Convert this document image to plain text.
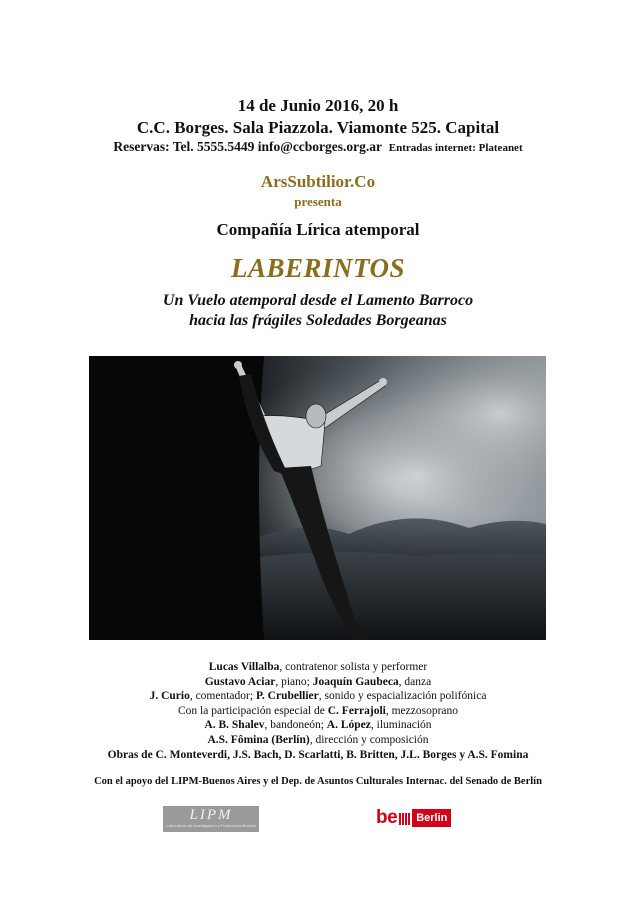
14 de Junio 2016, 20 h
C.C. Borges. Sala Piazzola. Viamonte 525. Capital
Reservas: Tel. 5555.5449 info@ccborges.org.ar Entradas internet: Plateanet
ArsSubtilior.Co
presenta
Compañía Lírica atemporal
LABERINTOS
Un Vuelo atemporal desde el Lamento Barroco
hacia las frágiles Soledades Borgeanas
Lucas Villalba, contratenor solista y performer
Gustavo Aciar, piano; Joaquín Gaubeca, danza
J. Curio, comentador; P. Crubellier, sonido y espacialización polifónica
Con la participación especial de C. Ferrajoli, mezzosoprano
A. B. Shalev, bandoneón; A. López, iluminación
A.S. Fômina (Berlín), dirección y composición
Obras de C. Monteverdi, J.S. Bach, D. Scarlatti, B. Britten, J.L. Borges y A.S. Fomina
Con el apoyo del LIPM-Buenos Aires y el Dep. de Asuntos Culturales Internac. del Senado de Berlín
LIPM
Laboratorio de Investigación y Producción Musical	be	Berlin
